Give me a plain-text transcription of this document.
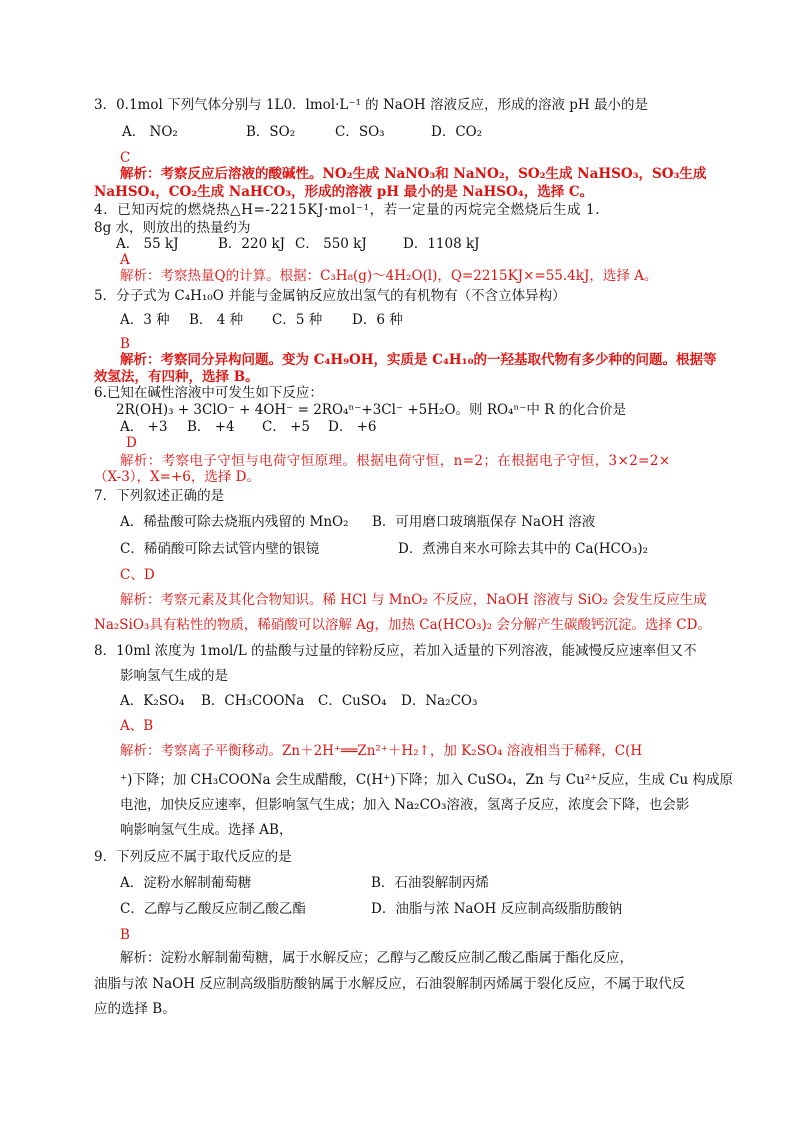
3．0.1mol 下列气体分别与 1L0．lmol·L⁻¹ 的 NaOH 溶液反应，形成的溶液 pH 最小的是
A． NO₂	B．SO₂	C．SO₃	D．CO₂
C
解析：考察反应后溶液的酸碱性。NO₂生成 NaNO₃和 NaNO₂，SO₂生成 NaHSO₃，SO₃生成
NaHSO₄，CO₂生成 NaHCO₃，形成的溶液 pH 最小的是 NaHSO₄，选择 C。
4．已知丙烷的燃烧热△H=-2215KJ·mol⁻¹，若一定量的丙烷完全燃烧后生成 1.
8g 水，则放出的热量约为
A． 55 kJ	B．220 kJ C． 550 kJ	D．1108 kJ
A
解析：考察热量Q的计算。根据：C₃H₈(g)～4H₂O(l)，Q=2215KJ×=55.4kJ，选择 A。
5．分子式为 C₄H₁₀O 并能与金属钠反应放出氢气的有机物有（不含立体异构）
A．3 种 B． 4 种 C．5 种 D．6 种
B
解析：考察同分异构问题。变为 C₄H₉OH，实质是 C₄H₁₀的一羟基取代物有多少种的问题。根据等
效氢法，有四种，选择 B。
6.已知在碱性溶液中可发生如下反应：
2R(OH)₃ + 3ClO⁻ + 4OH⁻ = 2RO₄ⁿ⁻+3Cl⁻ +5H₂O。则 RO₄ⁿ⁻中 R 的化合价是
A． +3 B． +4 C． +5 D． +6
D
解析：考察电子守恒与电荷守恒原理。根据电荷守恒，n=2；在根据电子守恒，3×2=2×
（X-3），X=+6，选择 D。
7．下列叙述正确的是
A．稀盐酸可除去烧瓶内残留的 MnO₂ B．可用磨口玻璃瓶保存 NaOH 溶液
C．稀硝酸可除去试管内壁的银镜	D．煮沸自来水可除去其中的 Ca(HCO₃)₂
C、D
解析：考察元素及其化合物知识。稀 HCl 与 MnO₂ 不反应，NaOH 溶液与 SiO₂ 会发生反应生成
Na₂SiO₃具有粘性的物质，稀硝酸可以溶解 Ag，加热 Ca(HCO₃)₂ 会分解产生碳酸钙沉淀。选择 CD。
8．10ml 浓度为 1mol/L 的盐酸与过量的锌粉反应，若加入适量的下列溶液，能减慢反应速率但又不
影响氢气生成的是
A．K₂SO₄ B．CH₃COONa C．CuSO₄ D．Na₂CO₃
A、B
解析：考察离子平衡移动。Zn＋2H⁺══Zn²⁺＋H₂↑，加 K₂SO₄ 溶液相当于稀释，C(H
⁺)下降；加 CH₃COONa 会生成醋酸，C(H⁺)下降；加入 CuSO₄，Zn 与 Cu²⁺反应，生成 Cu 构成原
电池，加快反应速率，但影响氢气生成；加入 Na₂CO₃溶液，氢离子反应，浓度会下降，也会影
响影响氢气生成。选择 AB，
9．下列反应不属于取代反应的是
A．淀粉水解制葡萄糖	B．石油裂解制丙烯
C．乙醇与乙酸反应制乙酸乙酯	D．油脂与浓 NaOH 反应制高级脂肪酸钠
B
解析：淀粉水解制葡萄糖，属于水解反应；乙醇与乙酸反应制乙酸乙酯属于酯化反应，
油脂与浓 NaOH 反应制高级脂肪酸钠属于水解反应，石油裂解制丙烯属于裂化反应，不属于取代反
应的选择 B。
